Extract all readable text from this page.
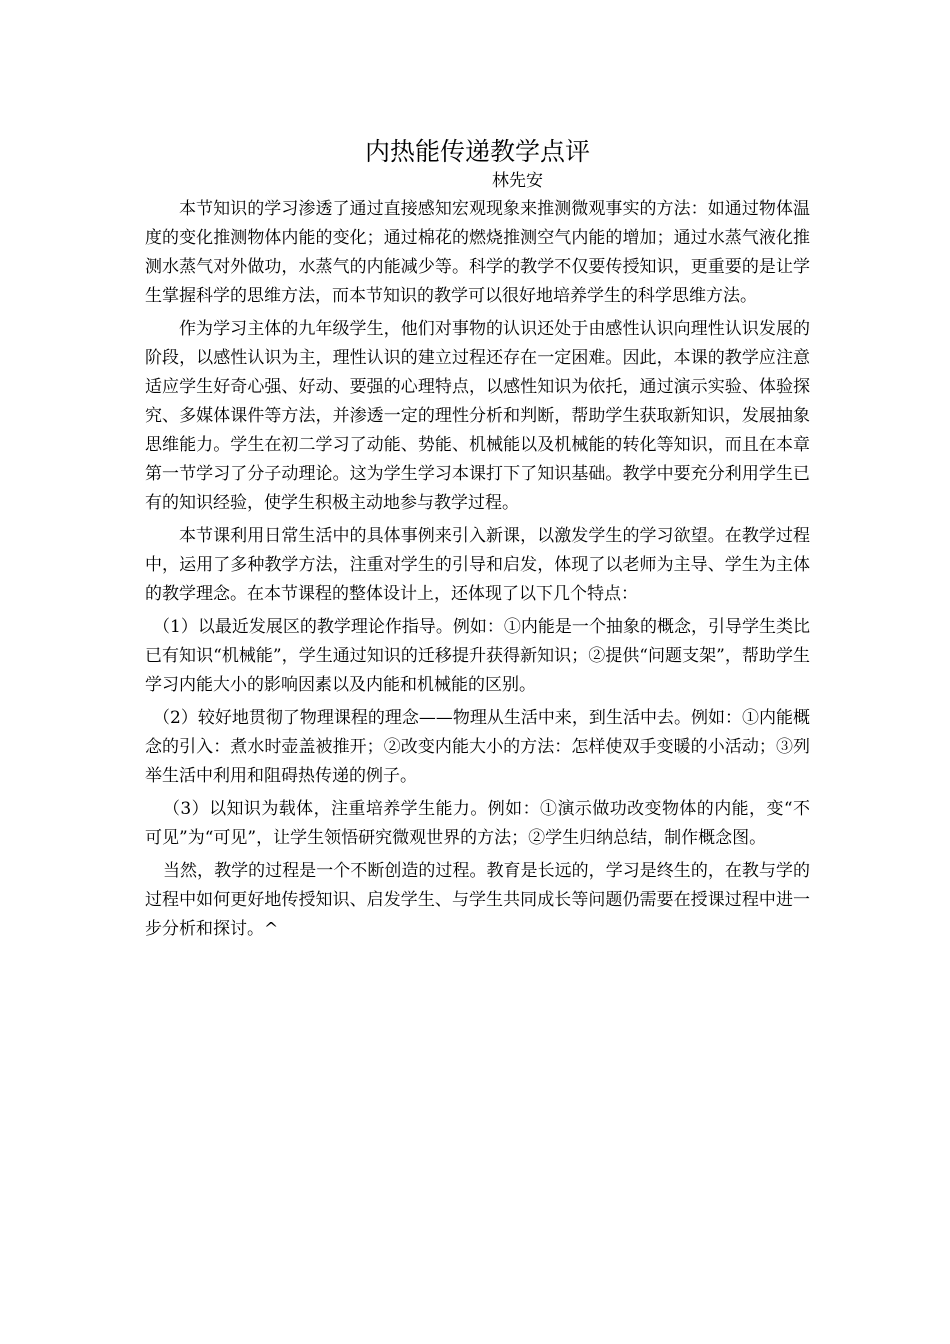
内热能传递教学点评

林先安

本节知识的学习渗透了通过直接感知宏观现象来推测微观事实的方法：如通过物体温度的变化推测物体内能的变化；通过棉花的燃烧推测空气内能的增加；通过水蒸气液化推测水蒸气对外做功，水蒸气的内能减少等。科学的教学不仅要传授知识，更重要的是让学生掌握科学的思维方法，而本节知识的教学可以很好地培养学生的科学思维方法。

作为学习主体的九年级学生，他们对事物的认识还处于由感性认识向理性认识发展的阶段，以感性认识为主，理性认识的建立过程还存在一定困难。因此，本课的教学应注意适应学生好奇心强、好动、要强的心理特点，以感性知识为依托，通过演示实验、体验探究、多媒体课件等方法，并渗透一定的理性分析和判断，帮助学生获取新知识，发展抽象思维能力。学生在初二学习了动能、势能、机械能以及机械能的转化等知识，而且在本章第一节学习了分子动理论。这为学生学习本课打下了知识基础。教学中要充分利用学生已有的知识经验，使学生积极主动地参与教学过程。

本节课利用日常生活中的具体事例来引入新课，以激发学生的学习欲望。在教学过程中，运用了多种教学方法，注重对学生的引导和启发，体现了以老师为主导、学生为主体的教学理念。在本节课程的整体设计上，还体现了以下几个特点：

（1）以最近发展区的教学理论作指导。例如：①内能是一个抽象的概念，引导学生类比已有知识“机械能”，学生通过知识的迁移提升获得新知识；②提供“问题支架”，帮助学生学习内能大小的影响因素以及内能和机械能的区别。

（2）较好地贯彻了物理课程的理念——物理从生活中来，到生活中去。例如：①内能概念的引入：煮水时壶盖被推开；②改变内能大小的方法：怎样使双手变暖的小活动；③列举生活中利用和阻碍热传递的例子。

（3）以知识为载体，注重培养学生能力。例如：①演示做功改变物体的内能，变“不可见”为“可见”，让学生领悟研究微观世界的方法；②学生归纳总结，制作概念图。

当然，教学的过程是一个不断创造的过程。教育是长远的，学习是终生的，在教与学的过程中如何更好地传授知识、启发学生、与学生共同成长等问题仍需要在授课过程中进一步分析和探讨。^
